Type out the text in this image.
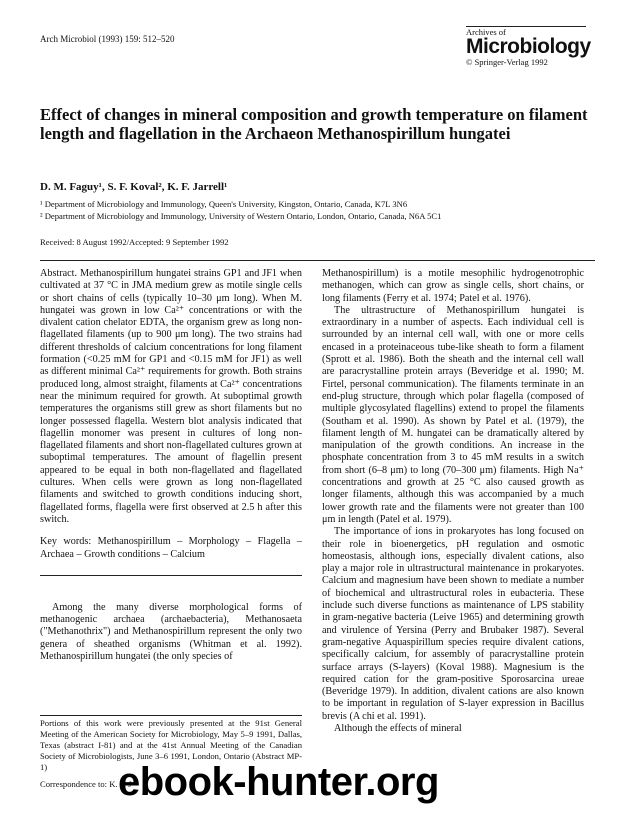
Arch Microbiol (1993) 159: 512–520
Archives of
Microbiology
© Springer-Verlag 1992
Effect of changes in mineral composition and growth temperature on filament length and flagellation in the Archaeon Methanospirillum hungatei
D. M. Faguy¹, S. F. Koval², K. F. Jarrell¹
¹ Department of Microbiology and Immunology, Queen's University, Kingston, Ontario, Canada, K7L 3N6
² Department of Microbiology and Immunology, University of Western Ontario, London, Ontario, Canada, N6A 5C1
Received: 8 August 1992/Accepted: 9 September 1992

Abstract. Methanospirillum hungatei strains GP1 and JF1 when cultivated at 37 °C in JMA medium grew as motile single cells or short chains of cells (typically 10–30 μm long). When M. hungatei was grown in low Ca²⁺ concentrations or with the divalent cation chelator EDTA, the organism grew as long non-flagellated filaments (up to 900 μm long). The two strains had different thresholds of calcium concentrations for long filament formation (<0.25 mM for GP1 and <0.15 mM for JF1) as well as different minimal Ca²⁺ requirements for growth. Both strains produced long, almost straight, filaments at Ca²⁺ concentrations near the minimum required for growth. At suboptimal growth temperatures the organisms still grew as short filaments but no longer possessed flagella. Western blot analysis indicated that flagellin monomer was present in cultures of long non-flagellated filaments and short non-flagellated cultures grown at suboptimal temperatures. The amount of flagellin present appeared to be equal in both non-flagellated and flagellated cultures. When cells were grown as long non-flagellated filaments and switched to growth conditions inducing short, flagellated forms, flagella were first observed at 2.5 h after this switch.

Key words: Methanospirillum – Morphology – Flagella – Archaea – Growth conditions – Calcium

Among the many diverse morphological forms of methanogenic archaea (archaebacteria), Methanosaeta ("Methanothrix") and Methanospirillum represent the only two genera of sheathed organisms (Whitman et al. 1992). Methanospirillum hungatei (the only species of

Portions of this work were previously presented at the 91st General Meeting of the American Society for Microbiology, May 5–9 1991, Dallas, Texas (abstract I-81) and at the 41st Annual Meeting of the Canadian Society of Microbiologists, June 3–6 1991, London, Ontario (Abstract MP-1)

Correspondence to: K. F. J

Methanospirillum) is a motile mesophilic hydrogenotrophic methanogen, which can grow as single cells, short chains, or long filaments (Ferry et al. 1974; Patel et al. 1976).

The ultrastructure of Methanospirillum hungatei is extraordinary in a number of aspects. Each individual cell is surrounded by an internal cell wall, with one or more cells encased in a proteinaceous tube-like sheath to form a filament (Sprott et al. 1986). Both the sheath and the internal cell wall are paracrystalline protein arrays (Beveridge et al. 1990; M. Firtel, personal communication). The filaments terminate in an end-plug structure, through which polar flagella (composed of multiple glycosylated flagellins) extend to propel the filaments (Southam et al. 1990). As shown by Patel et al. (1979), the filament length of M. hungatei can be dramatically altered by manipulation of the growth conditions. An increase in the phosphate concentration from 3 to 45 mM results in a switch from short (6–8 μm) to long (70–300 μm) filaments. High Na⁺ concentrations and growth at 25 °C also caused growth as longer filaments, although this was accompanied by a much lower growth rate and the filaments were not greater than 100 μm in length (Patel et al. 1979).

The importance of ions in prokaryotes has long focused on their role in bioenergetics, pH regulation and osmotic homeostasis, although ions, especially divalent cations, also play a major role in ultrastructural maintenance in prokaryotes. Calcium and magnesium have been shown to mediate a number of biochemical and ultrastructural roles in eubacteria. These include such diverse functions as maintenance of LPS stability in gram-negative bacteria (Leive 1965) and determining growth and virulence of Yersina (Perry and Brubaker 1987). Several gram-negative Aquaspirillum species require divalent cations, specifically calcium, for assembly of paracrystalline protein surface arrays (S-layers) (Koval 1988). Magnesium is the required cation for the gram-positive Sporosarcina ureae (Beveridge 1979). In addition, divalent cations are also known to be important in regulation of S-layer expression in Bacillus brevis (A chi et al. 1991).

Although the effects of mineral

ebook-hunter.org
